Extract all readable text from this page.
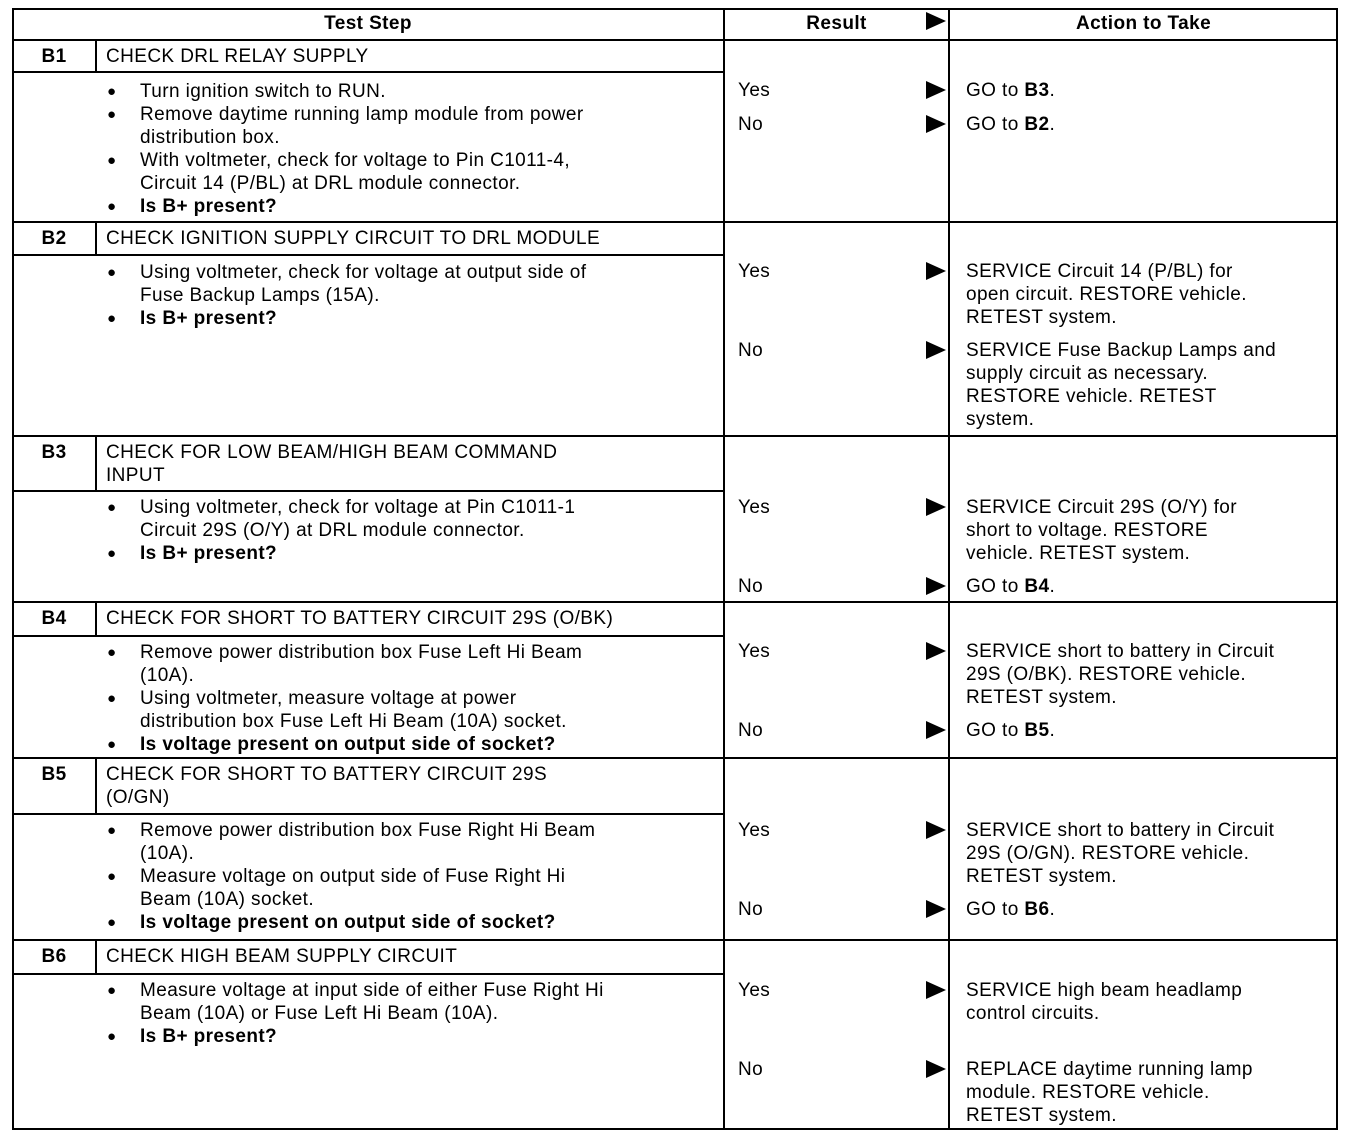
Test Step	Result	Action to Take
B1	CHECK DRL RELAY SUPPLY
● Turn ignition switch to RUN.
● Remove daytime running lamp module from power
distribution box.
● With voltmeter, check for voltage to Pin C1011-4,
Circuit 14 (P/BL) at DRL module connector.
● Is B+ present?
Yes	GO to B3.
No	GO to B2.
B2	CHECK IGNITION SUPPLY CIRCUIT TO DRL MODULE
● Using voltmeter, check for voltage at output side of
Fuse Backup Lamps (15A).
● Is B+ present?
Yes	SERVICE Circuit 14 (P/BL) for
open circuit. RESTORE vehicle.
RETEST system.
No	SERVICE Fuse Backup Lamps and
supply circuit as necessary.
RESTORE vehicle. RETEST
system.
B3	CHECK FOR LOW BEAM/HIGH BEAM COMMAND
INPUT
● Using voltmeter, check for voltage at Pin C1011-1
Circuit 29S (O/Y) at DRL module connector.
● Is B+ present?
Yes	SERVICE Circuit 29S (O/Y) for
short to voltage. RESTORE
vehicle. RETEST system.
No	GO to B4.
B4	CHECK FOR SHORT TO BATTERY CIRCUIT 29S (O/BK)
● Remove power distribution box Fuse Left Hi Beam
(10A).
● Using voltmeter, measure voltage at power
distribution box Fuse Left Hi Beam (10A) socket.
● Is voltage present on output side of socket?
Yes	SERVICE short to battery in Circuit
29S (O/BK). RESTORE vehicle.
RETEST system.
No	GO to B5.
B5	CHECK FOR SHORT TO BATTERY CIRCUIT 29S
(O/GN)
● Remove power distribution box Fuse Right Hi Beam
(10A).
● Measure voltage on output side of Fuse Right Hi
Beam (10A) socket.
● Is voltage present on output side of socket?
Yes	SERVICE short to battery in Circuit
29S (O/GN). RESTORE vehicle.
RETEST system.
No	GO to B6.
B6	CHECK HIGH BEAM SUPPLY CIRCUIT
● Measure voltage at input side of either Fuse Right Hi
Beam (10A) or Fuse Left Hi Beam (10A).
● Is B+ present?
Yes	SERVICE high beam headlamp
control circuits.
No	REPLACE daytime running lamp
module. RESTORE vehicle.
RETEST system.
